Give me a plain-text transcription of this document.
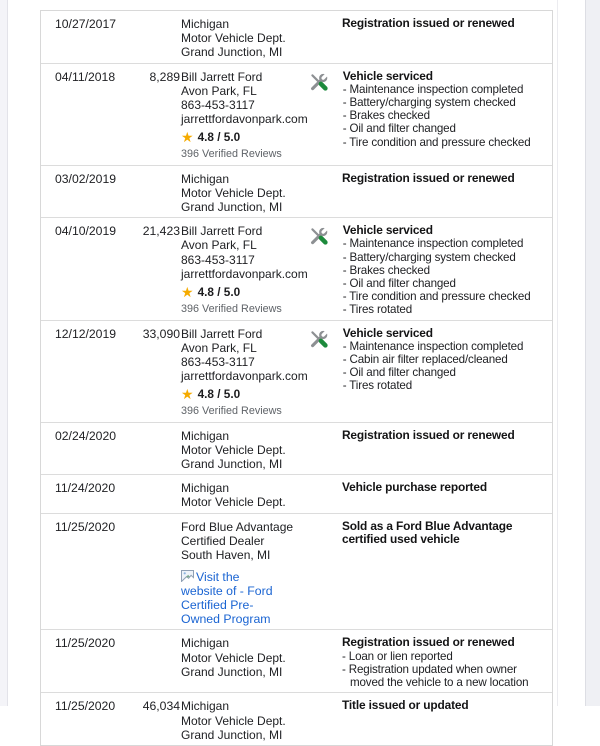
10/27/2017	Michigan
Motor Vehicle Dept.
Grand Junction, MI
Registration issued or renewed
04/11/2018	8,289 Bill Jarrett Ford
Avon Park, FL
863-453-3117
jarrettfordavonpark.com
★ 4.8 / 5.0
396 Verified Reviews
Vehicle serviced
- Maintenance inspection completed
- Battery/charging system checked
- Brakes checked
- Oil and filter changed
- Tire condition and pressure checked
03/02/2019	Michigan
Motor Vehicle Dept.
Grand Junction, MI
Registration issued or renewed
04/10/2019	21,423 Bill Jarrett Ford
Avon Park, FL
863-453-3117
jarrettfordavonpark.com
★ 4.8 / 5.0
396 Verified Reviews
Vehicle serviced
- Maintenance inspection completed
- Battery/charging system checked
- Brakes checked
- Oil and filter changed
- Tire condition and pressure checked
- Tires rotated
12/12/2019	33,090 Bill Jarrett Ford
Avon Park, FL
863-453-3117
jarrettfordavonpark.com
★ 4.8 / 5.0
396 Verified Reviews
Vehicle serviced
- Maintenance inspection completed
- Cabin air filter replaced/cleaned
- Oil and filter changed
- Tires rotated
02/24/2020	Michigan
Motor Vehicle Dept.
Grand Junction, MI
Registration issued or renewed
11/24/2020	Michigan
Motor Vehicle Dept.
Vehicle purchase reported
11/25/2020	Ford Blue Advantage
Certified Dealer
South Haven, MI
Visit the website of - Ford Certified Pre-Owned Program
Sold as a Ford Blue Advantage certified used vehicle
11/25/2020	Michigan
Motor Vehicle Dept.
Grand Junction, MI
Registration issued or renewed
- Loan or lien reported
- Registration updated when owner moved the vehicle to a new location
11/25/2020	46,034 Michigan
Motor Vehicle Dept.
Grand Junction, MI
Title issued or updated
